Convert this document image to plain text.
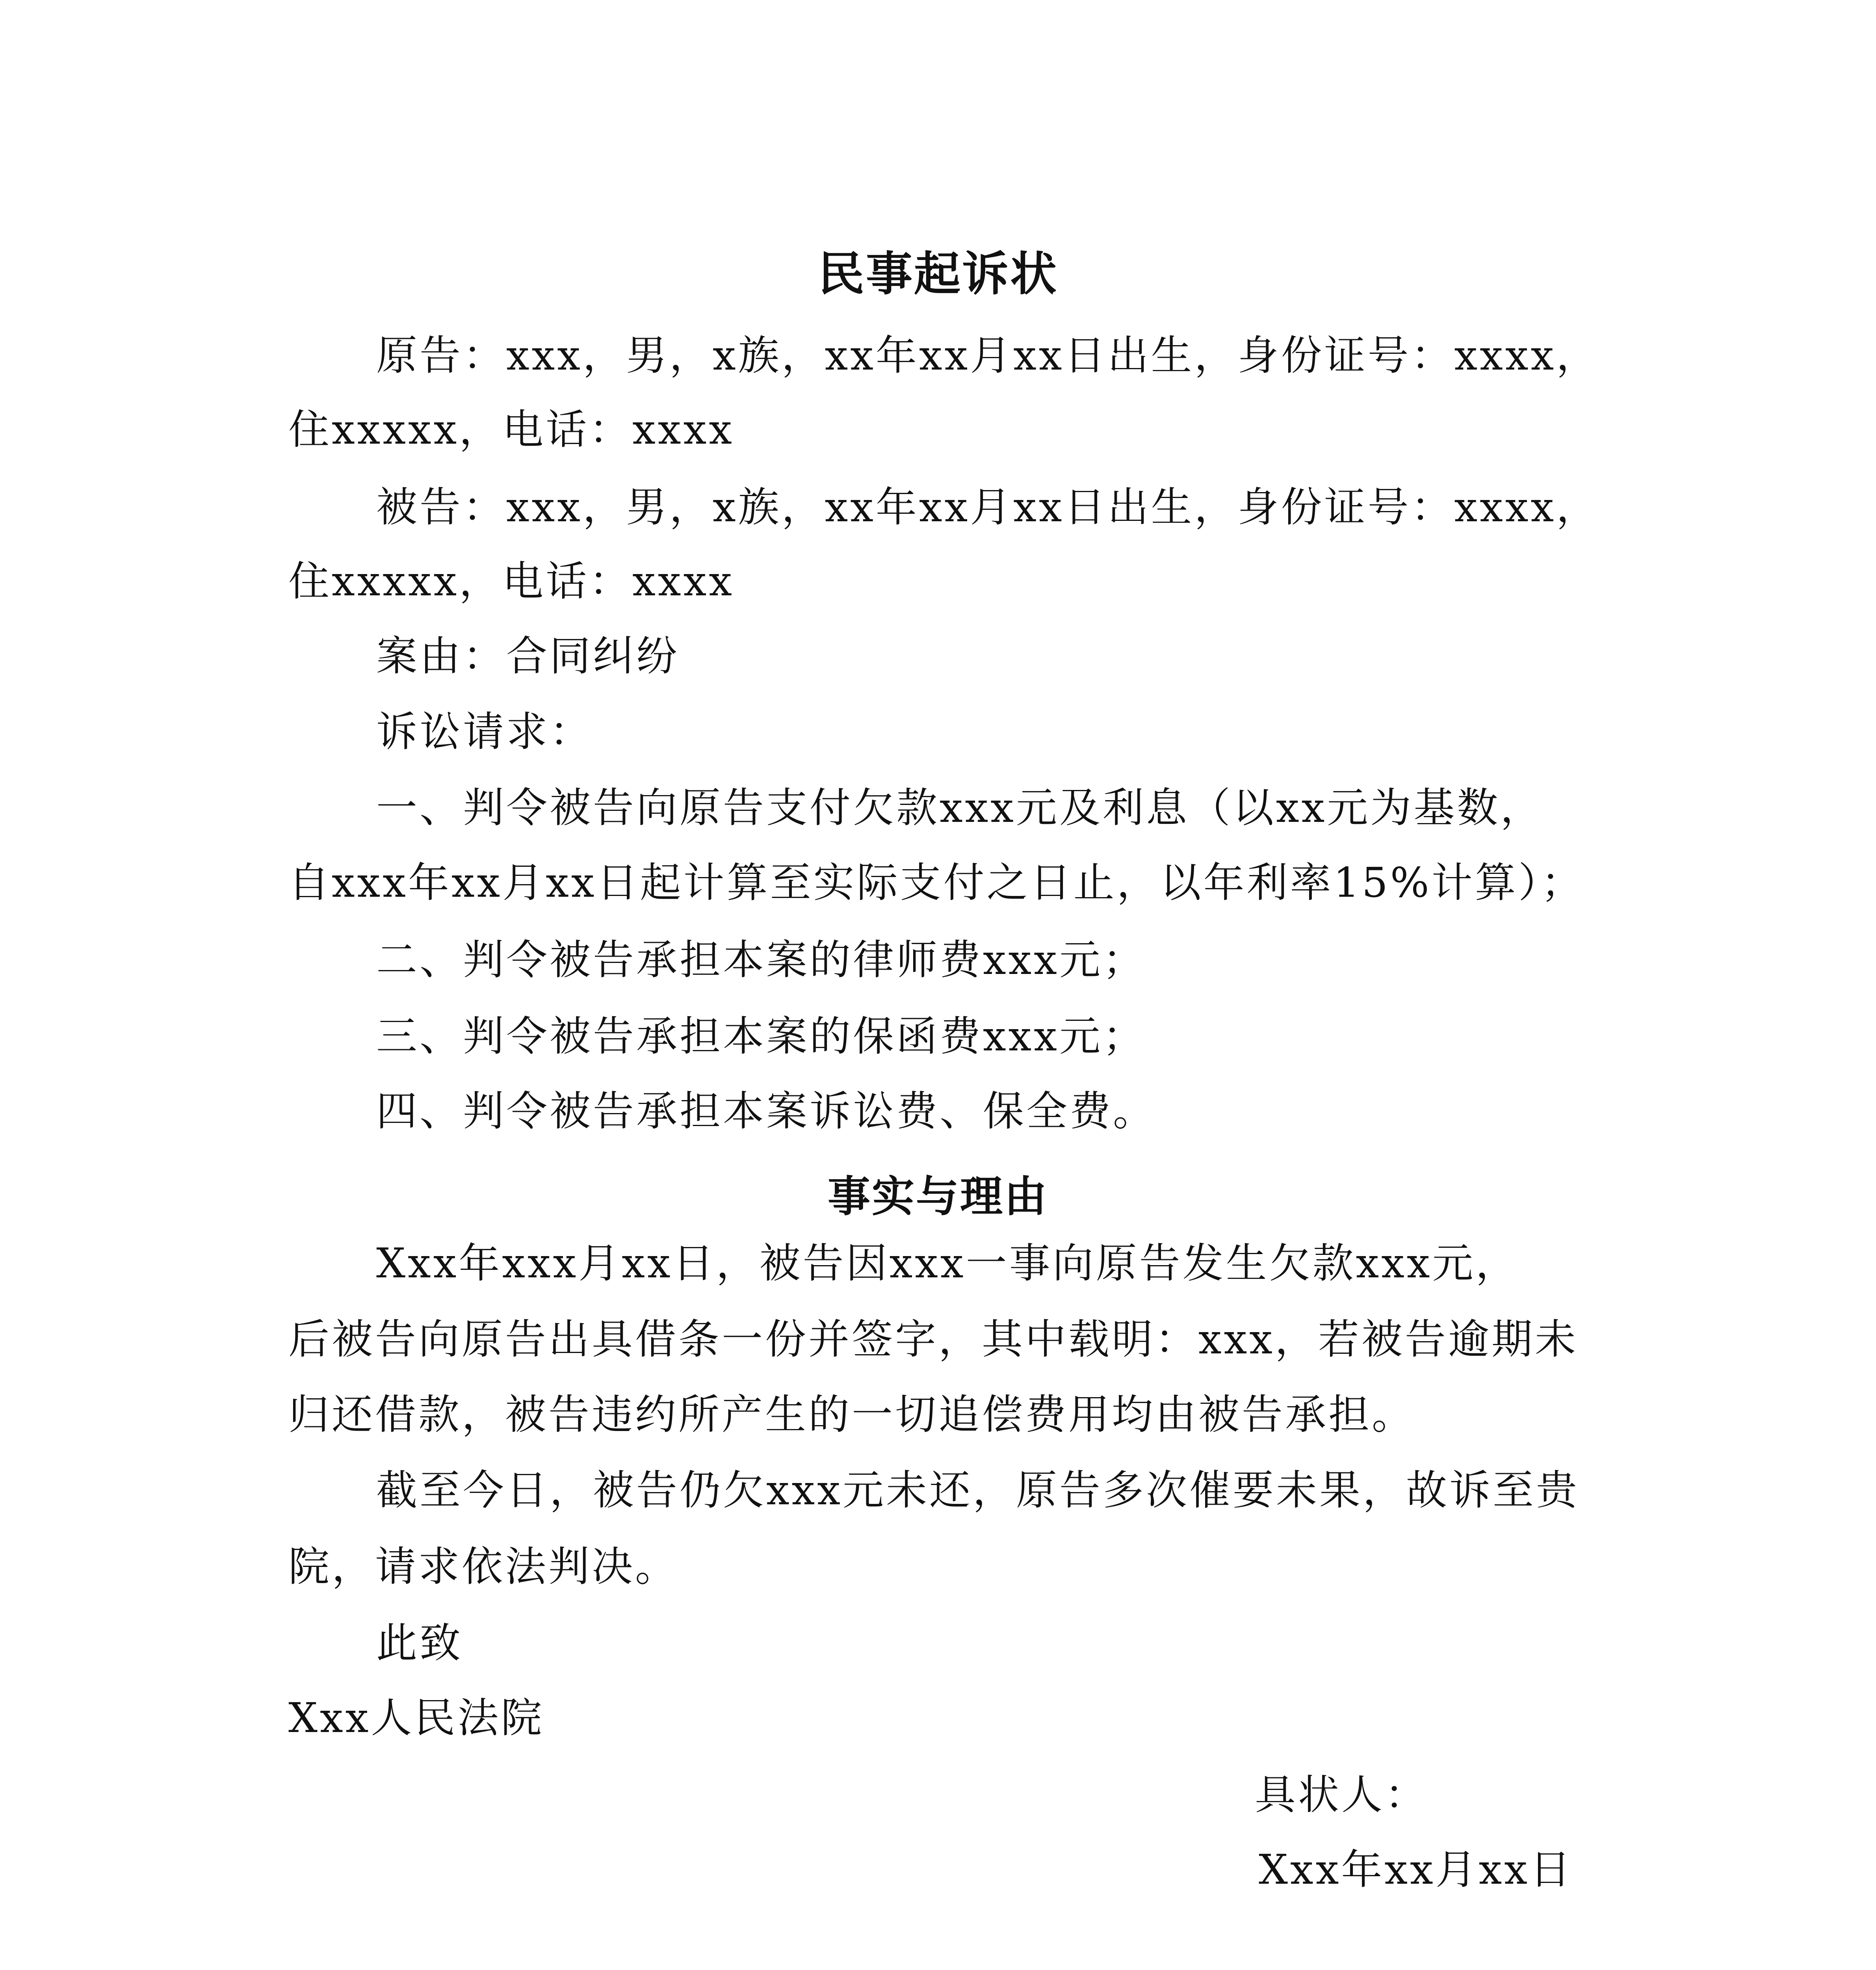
民事起诉状
原告：xxx，男，x族，xx年xx月xx日出生，身份证号：xxxx，
住xxxxx，电话：xxxx
被告：xxx，男，x族，xx年xx月xx日出生，身份证号：xxxx，
住xxxxx，电话：xxxx
案由：合同纠纷
诉讼请求：
一、判令被告向原告支付欠款xxx元及利息（以xx元为基数，
自xxx年xx月xx日起计算至实际支付之日止，以年利率15%计算）；
二、判令被告承担本案的律师费xxx元；
三、判令被告承担本案的保函费xxx元；
四、判令被告承担本案诉讼费、保全费。
事实与理由
Xxx年xxx月xx日，被告因xxx一事向原告发生欠款xxx元，
后被告向原告出具借条一份并签字，其中载明：xxx，若被告逾期未
归还借款，被告违约所产生的一切追偿费用均由被告承担。
截至今日，被告仍欠xxx元未还，原告多次催要未果，故诉至贵
院，请求依法判决。
此致
Xxx人民法院
具状人：
Xxx年xx月xx日
